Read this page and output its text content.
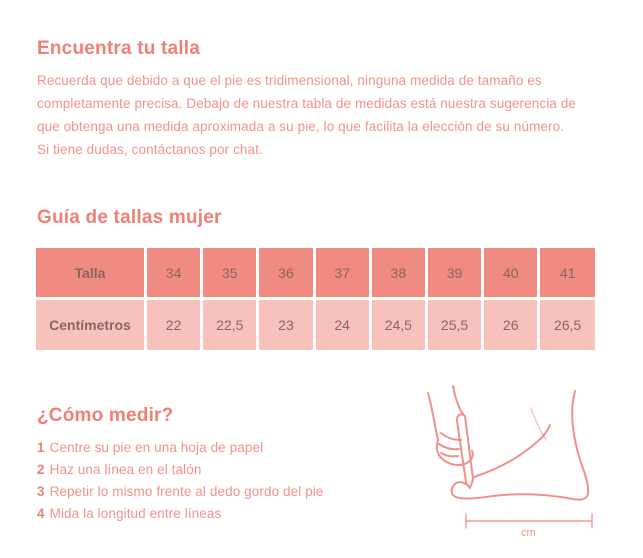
Encuentra tu talla
Recuerda que debido a que el pie es tridimensional, ninguna medida de tamaño es
completamente precisa. Debajo de nuestra tabla de medidas está nuestra sugerencia de
que obtenga una medida aproximada a su pie, lo que facilita la elección de su número.
Si tiene dudas, contáctanos por chat.
Guía de tallas mujer
Talla	34	35	36	37	38	39	40	41
Centímetros	22	22,5	23	24	24,5	25,5	26	26,5
¿Cómo medir?
1 Centre su pie en una hoja de papel
2 Haz una línea en el talón
3 Repetir lo mismo frente al dedo gordo del pie
4 Mida la longitud entre líneas
cm
